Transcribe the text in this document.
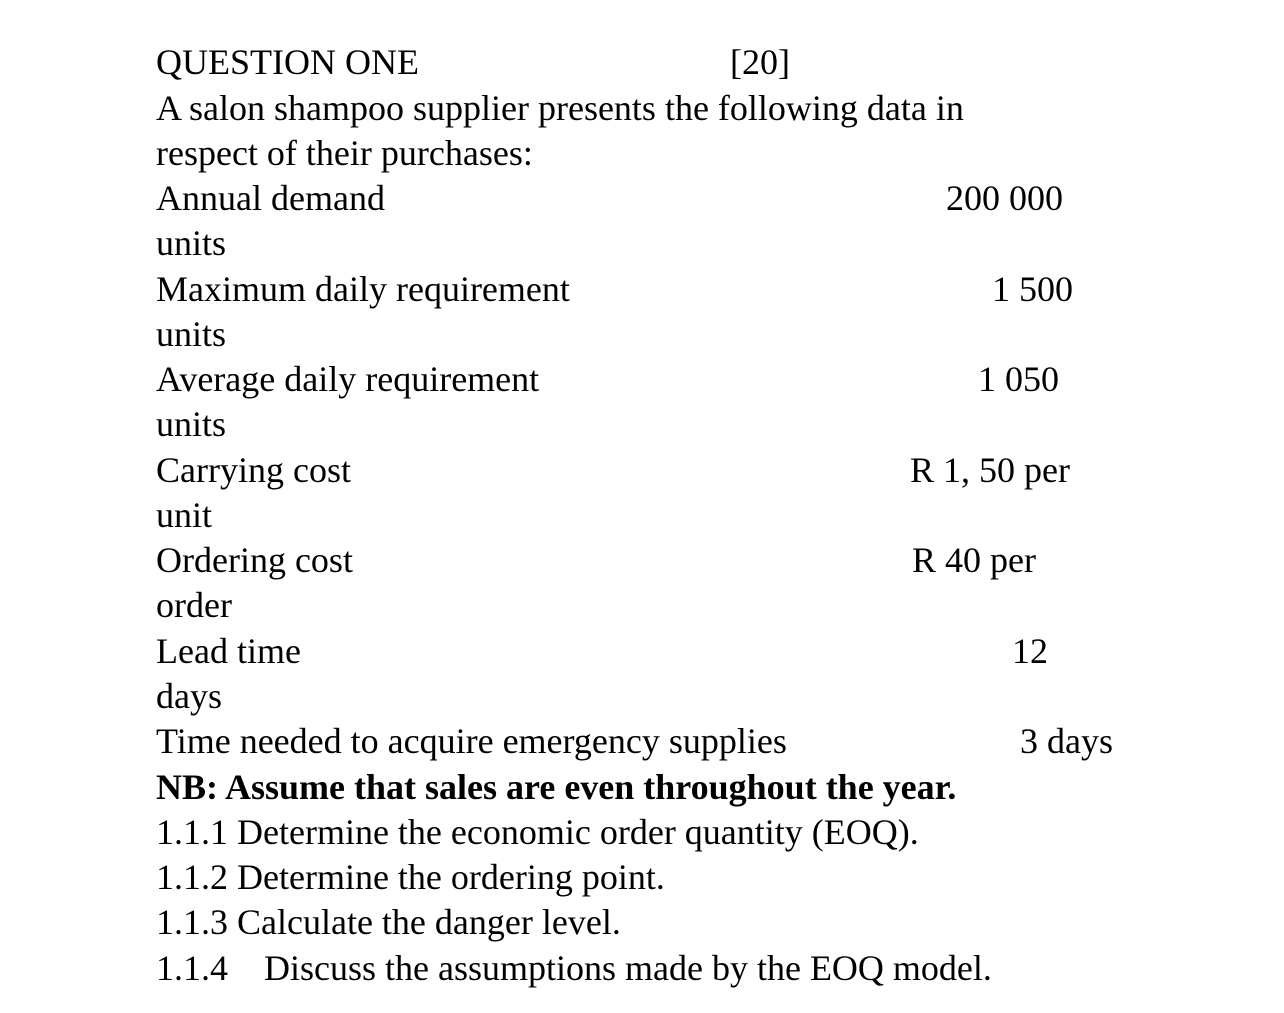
QUESTION ONE	[20]
A salon shampoo supplier presents the following data in
respect of their purchases:
Annual demand	200 000
units
Maximum daily requirement	1 500
units
Average daily requirement	1 050
units
Carrying cost	R 1, 50 per
unit
Ordering cost	R 40 per
order
Lead time	12
days
Time needed to acquire emergency supplies	3 days
NB: Assume that sales are even throughout the year.
1.1.1 Determine the economic order quantity (EOQ).
1.1.2 Determine the ordering point.
1.1.3 Calculate the danger level.
1.1.4    Discuss the assumptions made by the EOQ model.
